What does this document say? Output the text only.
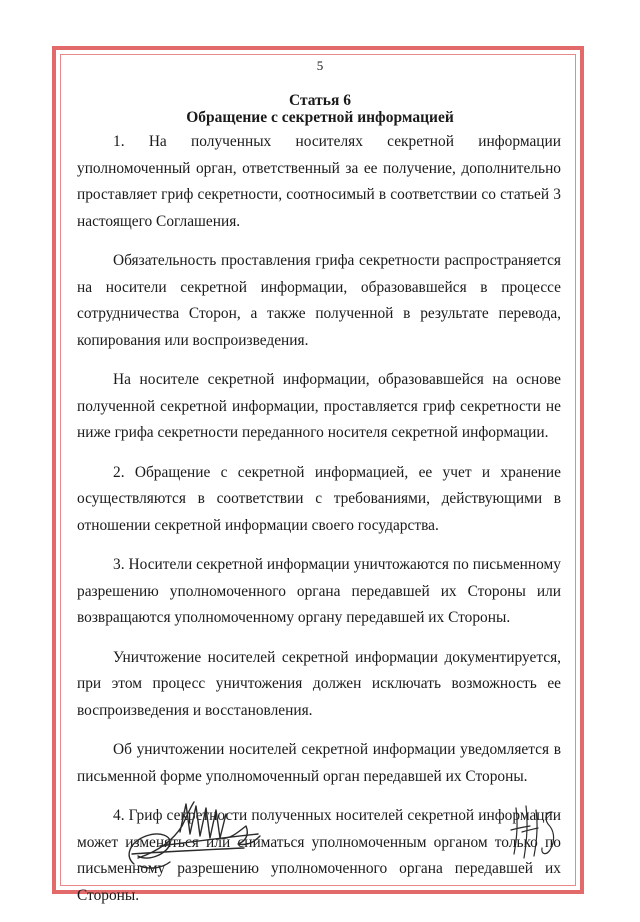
5
Статья 6
Обращение с секретной информацией

1. На полученных носителях секретной информации уполномоченный орган, ответственный за ее получение, дополнительно проставляет гриф секретности, соотносимый в соответствии со статьей 3 настоящего Соглашения.

Обязательность проставления грифа секретности распространяется на носители секретной информации, образовавшейся в процессе сотрудничества Сторон, а также полученной в результате перевода, копирования или воспроизведения.

На носителе секретной информации, образовавшейся на основе полученной секретной информации, проставляется гриф секретности не ниже грифа секретности переданного носителя секретной информации.

2. Обращение с секретной информацией, ее учет и хранение осуществляются в соответствии с требованиями, действующими в отношении секретной информации своего государства.

3. Носители секретной информации уничтожаются по письменному разрешению уполномоченного органа передавшей их Стороны или возвращаются уполномоченному органу передавшей их Стороны.

Уничтожение носителей секретной информации документируется, при этом процесс уничтожения должен исключать возможность ее воспроизведения и восстановления.

Об уничтожении носителей секретной информации уведомляется в письменной форме уполномоченный орган передавшей их Стороны.

4. Гриф секретности полученных носителей секретной информации может изменяться или сниматься уполномоченным органом только по письменному разрешению уполномоченного органа передавшей их Стороны.
